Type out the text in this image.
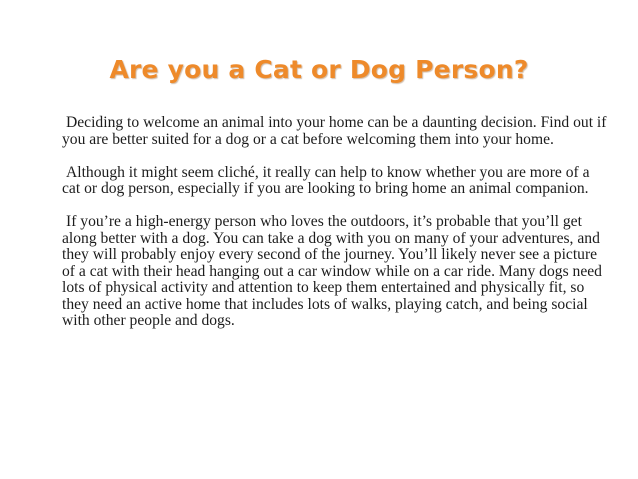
Are you a Cat or Dog Person?

Deciding to welcome an animal into your home can be a daunting decision. Find out if you are better suited for a dog or a cat before welcoming them into your home.

Although it might seem cliché, it really can help to know whether you are more of a cat or dog person, especially if you are looking to bring home an animal companion.

If you’re a high-energy person who loves the outdoors, it’s probable that you’ll get along better with a dog. You can take a dog with you on many of your adventures, and they will probably enjoy every second of the journey. You’ll likely never see a picture of a cat with their head hanging out a car window while on a car ride. Many dogs need lots of physical activity and attention to keep them entertained and physically fit, so they need an active home that includes lots of walks, playing catch, and being social with other people and dogs.
